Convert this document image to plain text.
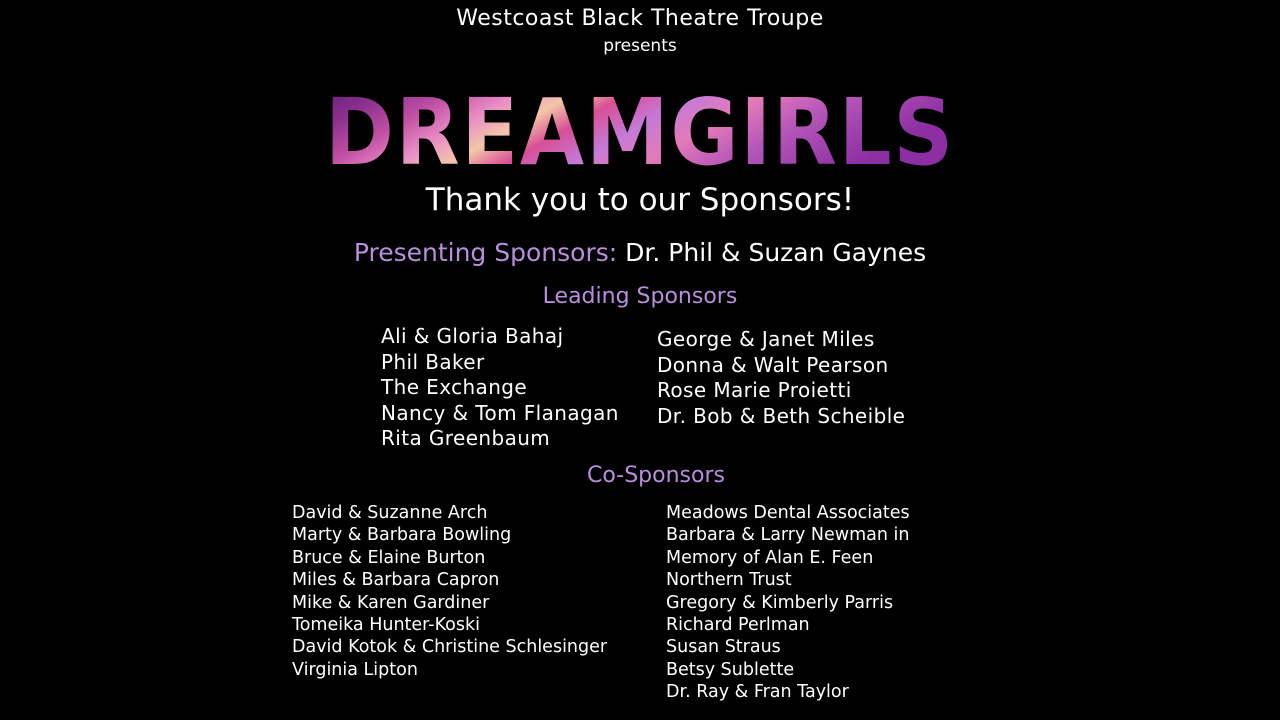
Westcoast Black Theatre Troupe
presents
DREAMGIRLS
Thank you to our Sponsors!
Presenting Sponsors: Dr. Phil & Suzan Gaynes
Leading Sponsors
Ali & Gloria Bahaj
Phil Baker
The Exchange
Nancy & Tom Flanagan
Rita Greenbaum
George & Janet Miles
Donna & Walt Pearson
Rose Marie Proietti
Dr. Bob & Beth Scheible
Co-Sponsors
David & Suzanne Arch
Marty & Barbara Bowling
Bruce & Elaine Burton
Miles & Barbara Capron
Mike & Karen Gardiner
Tomeika Hunter-Koski
David Kotok & Christine Schlesinger
Virginia Lipton
Meadows Dental Associates
Barbara & Larry Newman in
Memory of Alan E. Feen
Northern Trust
Gregory & Kimberly Parris
Richard Perlman
Susan Straus
Betsy Sublette
Dr. Ray & Fran Taylor
